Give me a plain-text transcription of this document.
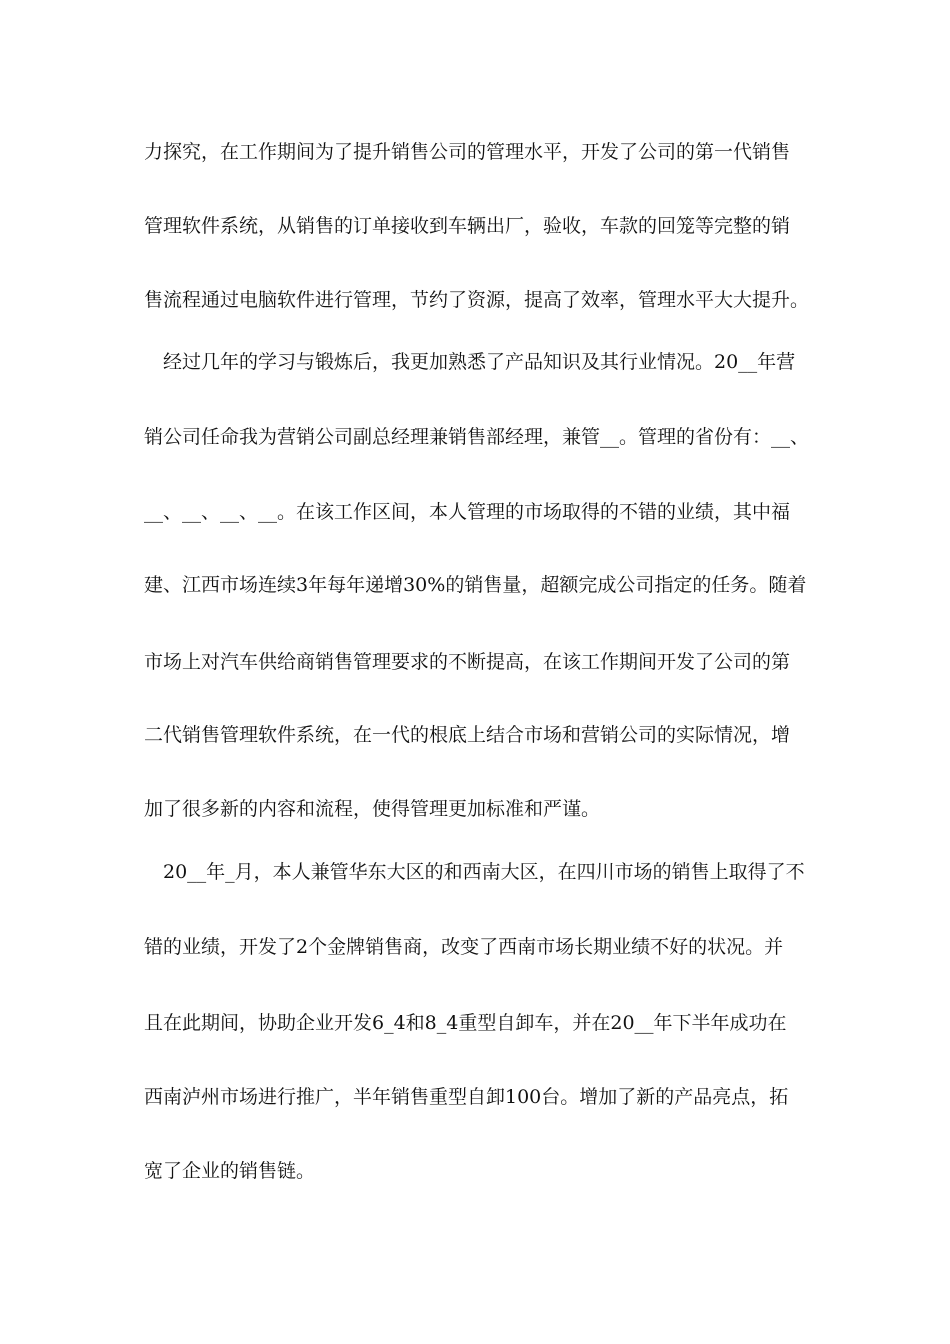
力探究，在工作期间为了提升销售公司的管理水平，开发了公司的第一代销售
管理软件系统，从销售的订单接收到车辆出厂，验收，车款的回笼等完整的销
售流程通过电脑软件进行管理，节约了资源，提高了效率，管理水平大大提升。
经过几年的学习与锻炼后，我更加熟悉了产品知识及其行业情况。20__年营
销公司任命我为营销公司副总经理兼销售部经理，兼管__。管理的省份有：__、
__、__、__、__。在该工作区间，本人管理的市场取得的不错的业绩，其中福
建、江西市场连续3年每年递增30%的销售量，超额完成公司指定的任务。随着
市场上对汽车供给商销售管理要求的不断提高，在该工作期间开发了公司的第
二代销售管理软件系统，在一代的根底上结合市场和营销公司的实际情况，增
加了很多新的内容和流程，使得管理更加标准和严谨。
20__年_月，本人兼管华东大区的和西南大区，在四川市场的销售上取得了不
错的业绩，开发了2个金牌销售商，改变了西南市场长期业绩不好的状况。并
且在此期间，协助企业开发6_4和8_4重型自卸车，并在20__年下半年成功在
西南泸州市场进行推广，半年销售重型自卸100台。增加了新的产品亮点，拓
宽了企业的销售链。
